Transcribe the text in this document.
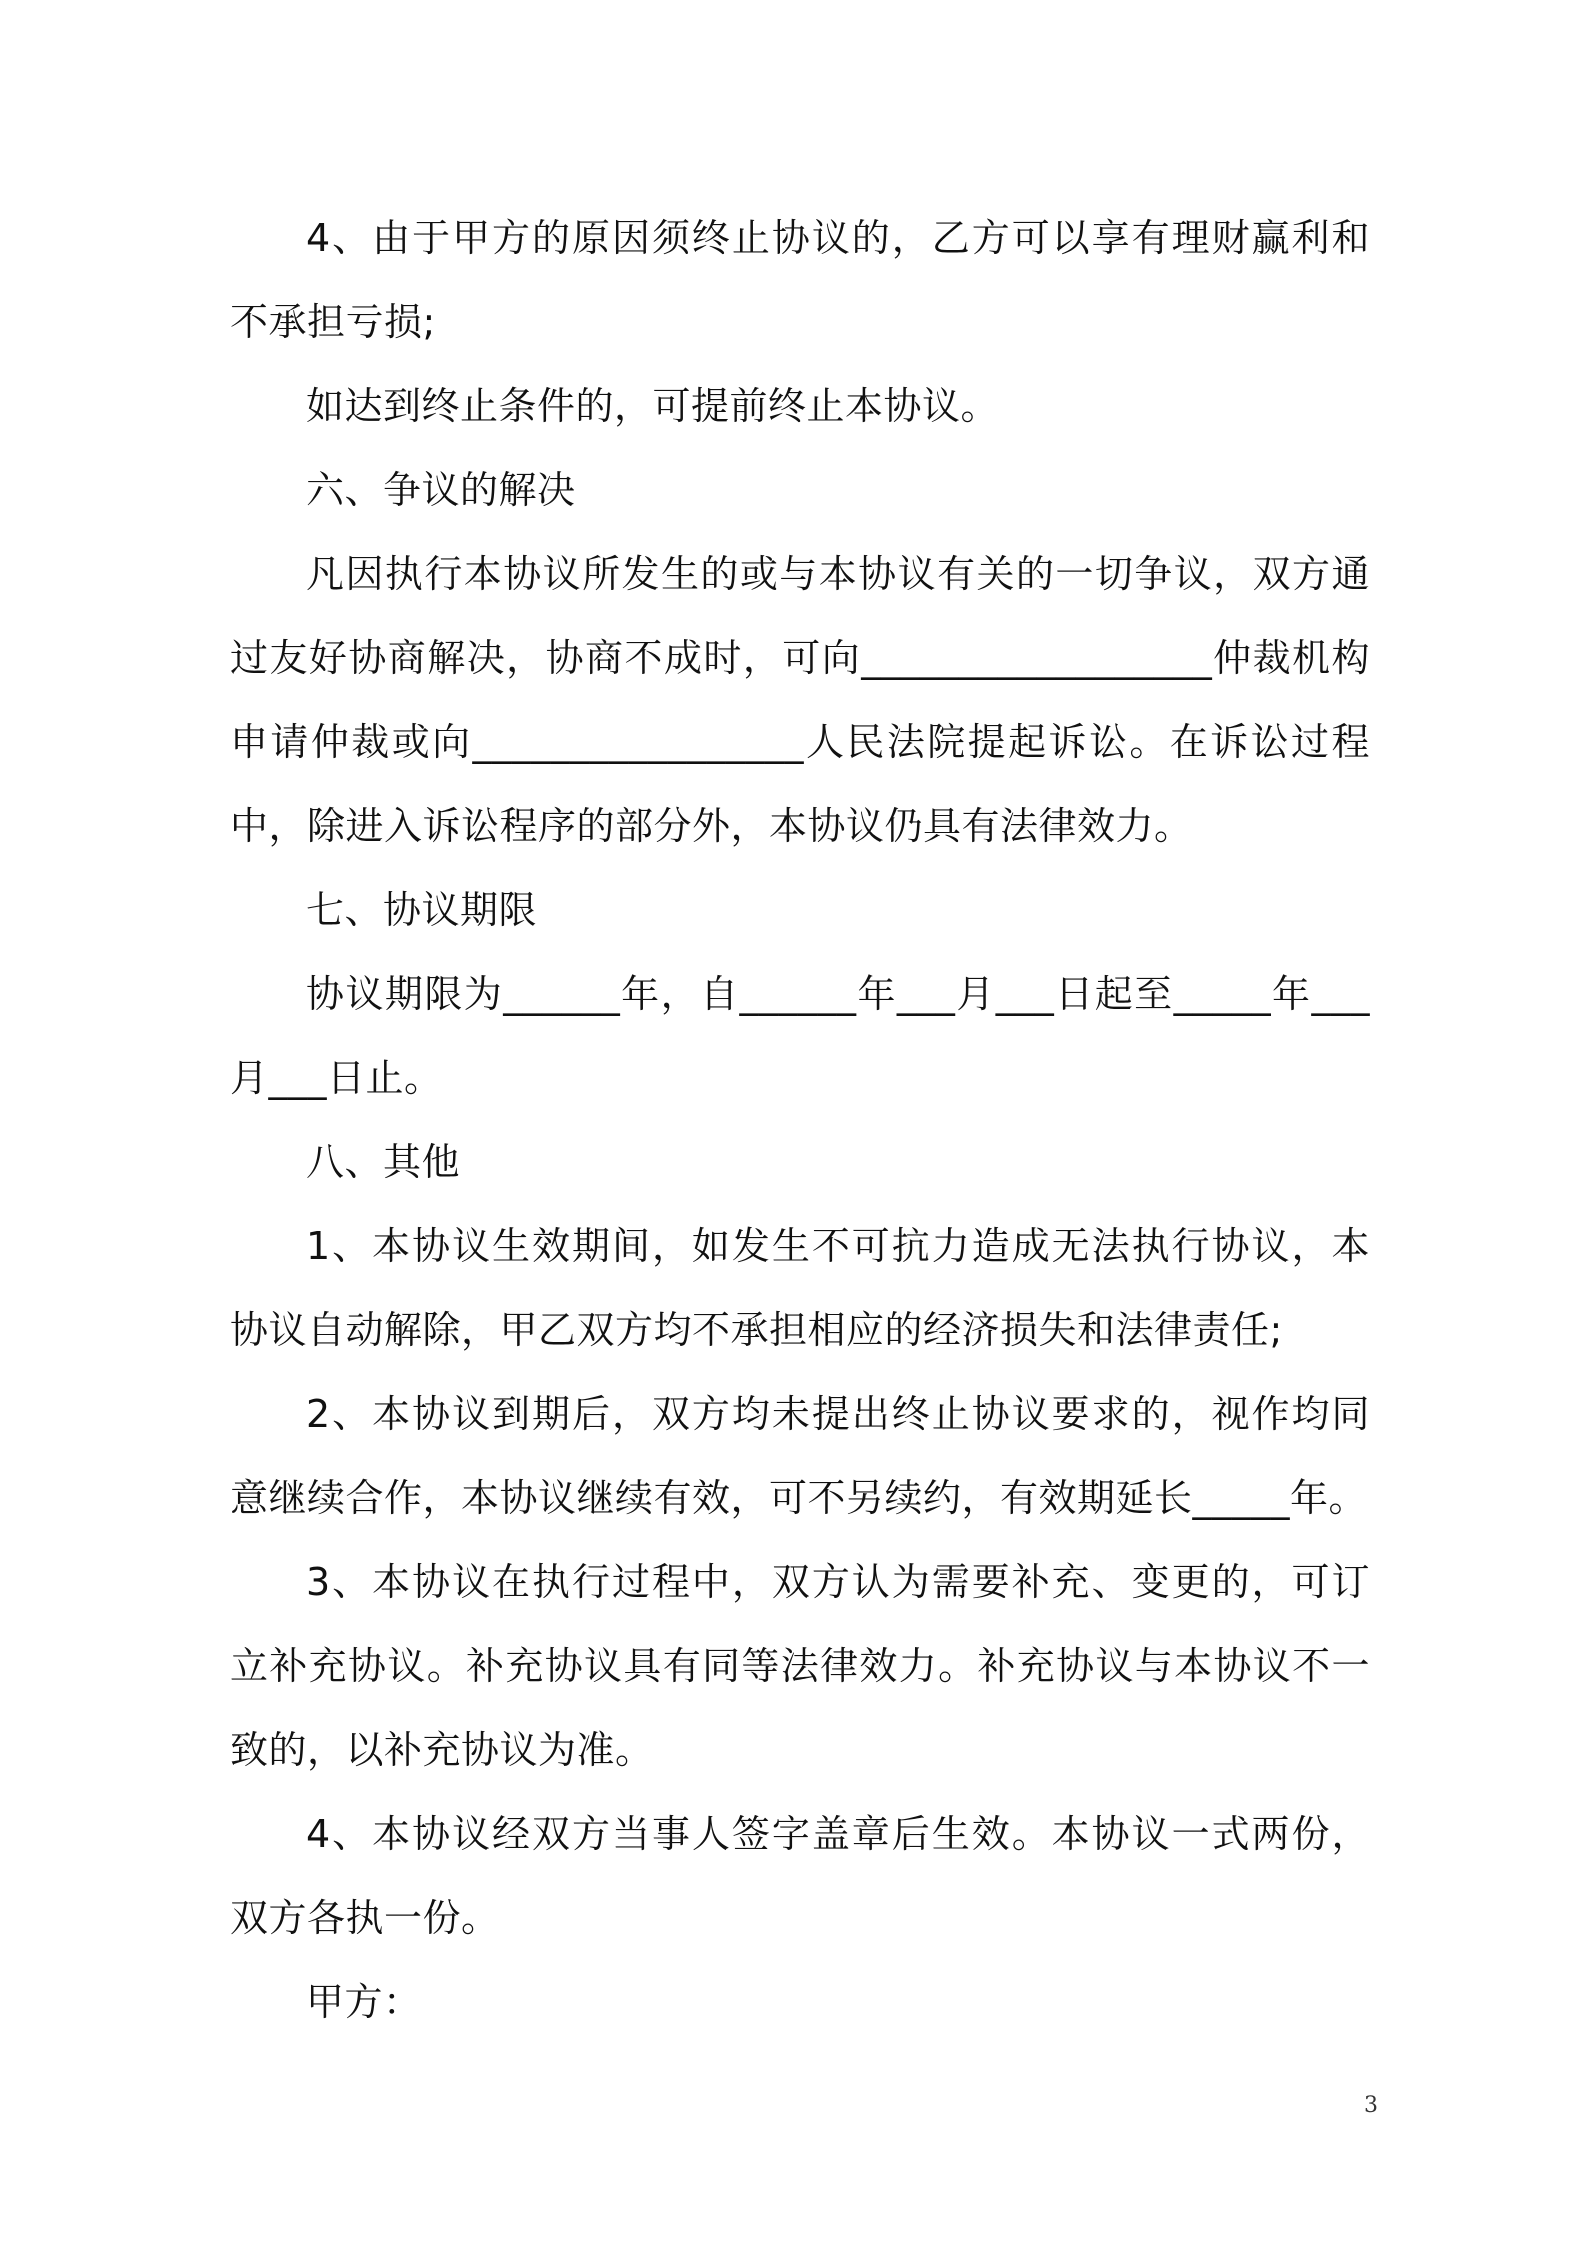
4、由于甲方的原因须终止协议的，乙方可以享有理财赢利和不承担亏损;

如达到终止条件的，可提前终止本协议。

六、争议的解决

凡因执行本协议所发生的或与本协议有关的一切争议，双方通过友好协商解决，协商不成时，可向__________________仲裁机构申请仲裁或向_________________人民法院提起诉讼。在诉讼过程中，除进入诉讼程序的部分外，本协议仍具有法律效力。

七、协议期限

协议期限为______年，自______年___月___日起至_____年___月___日止。

八、其他

1、本协议生效期间，如发生不可抗力造成无法执行协议，本协议自动解除，甲乙双方均不承担相应的经济损失和法律责任;

2、本协议到期后，双方均未提出终止协议要求的，视作均同意继续合作，本协议继续有效，可不另续约，有效期延长_____年。

3、本协议在执行过程中，双方认为需要补充、变更的，可订立补充协议。补充协议具有同等法律效力。补充协议与本协议不一致的，以补充协议为准。

4、本协议经双方当事人签字盖章后生效。本协议一式两份，双方各执一份。

甲方：

3
